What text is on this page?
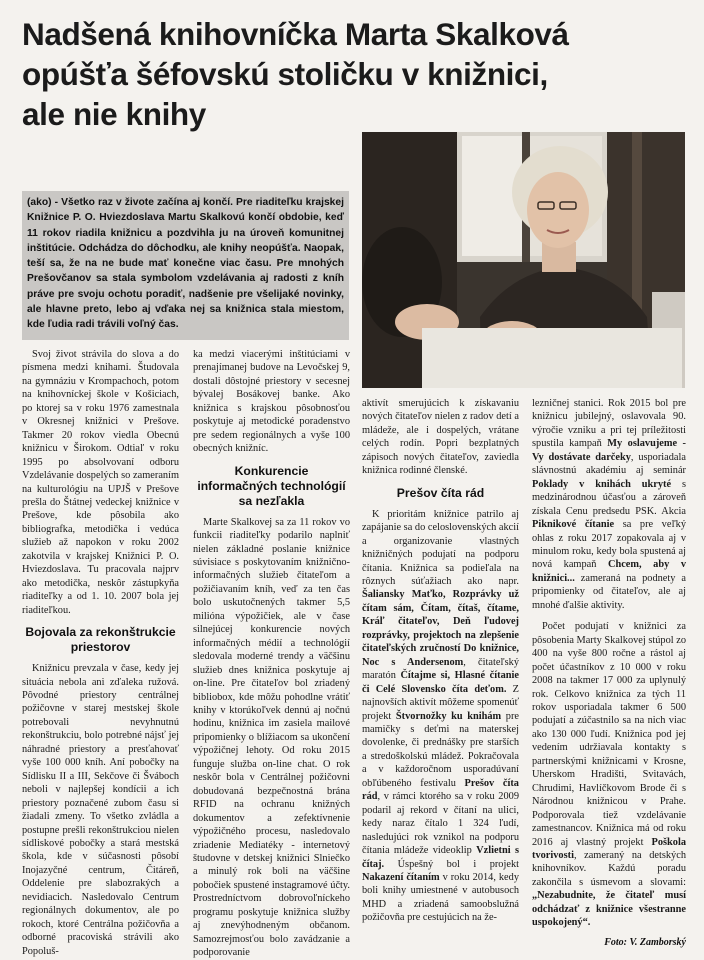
Nadšená knihovníčka Marta Skalková
opúšťa šéfovskú stoličku v knižnici,
ale nie knihy
(ako) - Všetko raz v živote začína aj končí. Pre riaditeľku krajskej Knižnice P. O. Hviezdoslava Martu Skalkovú končí obdobie, keď 11 rokov riadila knižnicu a pozdvihla ju na úroveň komunitnej inštitúcie. Odchádza do dôchodku, ale knihy neopúšťa. Naopak, teší sa, že na ne bude mať konečne viac času. Pre mnohých Prešovčanov sa stala symbolom vzdelávania aj radosti z kníh práve pre svoju ochotu poradiť, nadšenie pre všelijaké novinky, ale hlavne preto, lebo aj vďaka nej sa knižnica stala miestom, kde ľudia radi trávili voľný čas.

Svoj život strávila do slova a do písmena medzi knihami. Študovala na gymnáziu v Krompachoch, potom na knihovníckej škole v Košiciach, po ktorej sa v roku 1976 zamestnala v Okresnej knižnici v Prešove. Takmer 20 rokov viedla Obecnú knižnicu v Širokom. Odtiaľ v roku 1995 po absolvovaní odboru Vzdelávanie dospelých so zameraním na kulturológiu na UPJŠ v Prešove prešla do Štátnej vedeckej knižnice v Prešove, kde pôsobila ako bibliografka, metodička i vedúca služieb až napokon v roku 2002 zakotvila v krajskej Knižnici P. O. Hviezdoslava. Tu pracovala najprv ako metodička, neskôr zástupkyňa riaditeľky a od 1. 10. 2007 bola jej riaditeľkou.

Bojovala za rekonštrukcie priestorov

Knižnicu prevzala v čase, kedy jej situácia nebola ani zďaleka ružová. Pôvodné priestory centrálnej požičovne v starej mestskej škole potrebovali nevyhnutnú rekonštrukciu, bolo potrebné nájsť jej náhradné priestory a presťahovať vyše 100 000 kníh. Aní pobočky na Sídlisku II a III, Sekčove či Šváboch neboli v najlepšej kondícii a ich priestory poznačené zubom času si žiadali zmeny. To všetko zvládla a postupne prešli rekonštrukciou nielen sídliskové pobočky a stará mestská škola, kde v súčasnosti pôsobí Inojazyčné centrum, Čitáreň, Oddelenie pre slabozrakých a nevidiacich. Nasledovalo Centrum regionálnych dokumentov, ale po rokoch, ktoré Centrálna požičovňa a odborné pracoviská strávili ako Popoluš-

ka medzi viacerými inštitúciami v prenajímanej budove na Levočskej 9, dostali dôstojné priestory v secesnej bývalej Bosákovej banke. Ako knižnica s krajskou pôsobnosťou poskytuje aj metodické poradenstvo pre sedem regionálnych a vyše 100 obecných knižníc.

Konkurencie informačných technológií sa nezľakla

Marte Skalkovej sa za 11 rokov vo funkcii riaditeľky podarilo naplniť nielen základné poslanie knižnice súvisiace s poskytovaním knižnično-informačných služieb čitateľom a požičiavaním kníh, veď za ten čas bolo uskutočnených takmer 5,5 milióna výpožičiek, ale v čase silnejúcej konkurencie nových informačných médií a technológií sledovala moderné trendy a väčšinu služieb dnes knižnica poskytuje aj on-line. Pre čitateľov bol zriadený bibliobox, kde môžu pohodlne vrátiť knihy v ktorúkoľvek dennú aj nočnú hodinu, knižnica im zasiela mailové pripomienky o blížiacom sa ukončení výpožičnej lehoty. Od roku 2015 funguje služba on-line chat. O rok neskôr bola v Centrálnej požičovni dobudovaná bezpečnostná brána RFID na ochranu knižných dokumentov a zefektívnenie výpožičného procesu, nasledovalo zriadenie Mediatéky - internetový študovne v detskej knižnici Slniečko a minulý rok boli na väčšine pobočiek spustené instagramové účty. Prostredníctvom dobrovoľníckeho programu poskytuje knižnica služby aj znevýhodneným občanom. Samozrejmosťou bolo zavádzanie a podporovanie

aktivít smerujúcich k získavaniu nových čitateľov nielen z radov detí a mládeže, ale i dospelých, vrátane celých rodín. Popri bezplatných zápisoch nových čitateľov, zaviedla knižnica rodinné členské.

Prešov číta rád

K prioritám knižnice patrilo aj zapájanie sa do celoslovenských akcií a organizovanie vlastných knižničných podujatí na podporu čítania. Knižnica sa podieľala na rôznych súťažiach ako napr. Šaliansky Maťko, Rozprávky už čítam sám, Čítam, čítaš, čítame, Kráľ čitateľov, Deň ľudovej rozprávky, projektoch na zlepšenie čitateľských zručností Do knižnice, Noc s Andersenom, čitateľský maratón Čítajme si, Hlasné čítanie či Celé Slovensko číta deťom. Z najnovších aktivít môžeme spomenúť projekt Štvornožky ku knihám pre mamičky s deťmi na materskej dovolenke, či prednášky pre starších a stredoškolskú mládež. Pokračovala a v každoročnom usporadúvaní obľúbeného festivalu Prešov číta rád, v rámci ktorého sa v roku 2009 podaril aj rekord v čítaní na ulici, kedy naraz čítalo 1 324 ľudí, nasledujúci rok vznikol na podporu čítania mládeže videoklip Vzlietni s čítaj. Úspešný bol i projekt Nakazení čítaním v roku 2014, kedy boli knihy umiestnené v autobusoch MHD a zriadená samoobslužná požičovňa pre cestujúcich na že-

lezničnej stanici. Rok 2015 bol pre knižnicu jubilejný, oslavovala 90. výročie vzniku a pri tej príležitosti spustila kampaň My oslavujeme - Vy dostávate darčeky, usporiadala slávnostnú akadémiu aj seminár Poklady v knihách ukryté s medzinárodnou účasťou a zároveň získala Cenu predsedu PSK. Akcia Piknikové čítanie sa pre veľký ohlas z roku 2017 zopakovala aj v minulom roku, kedy bola spustená aj nová kampaň Chcem, aby v knižnici... zameraná na podnety a pripomienky od čitateľov, ale aj mnohé ďalšie aktivity.

Počet podujatí v knižnici za pôsobenia Marty Skalkovej stúpol zo 400 na vyše 800 ročne a rástol aj počet účastníkov z 10 000 v roku 2008 na takmer 17 000 za uplynulý rok. Celkovo knižnica za tých 11 rokov usporiadala takmer 6 500 podujatí a zúčastnilo sa na nich viac ako 130 000 ľudí. Knižnica pod jej vedením udržiavala kontakty s partnerskými knižnicami v Krosne, Uherskom Hradišti, Svitavách, Chrudimi, Havlíčkovom Brode či s Národnou knižnicou v Prahe. Podporovala tiež vzdelávanie zamestnancov. Knižnica má od roku 2016 aj vlastný projekt Poškola tvorivosti, zameraný na detských knihovníkov. Každú poradu zakončila s úsmevom a slovami: „Nezabudnite, že čitateľ musí odchádzať z knižnice všestranne uspokojený“.

Foto: V. Zamborský
